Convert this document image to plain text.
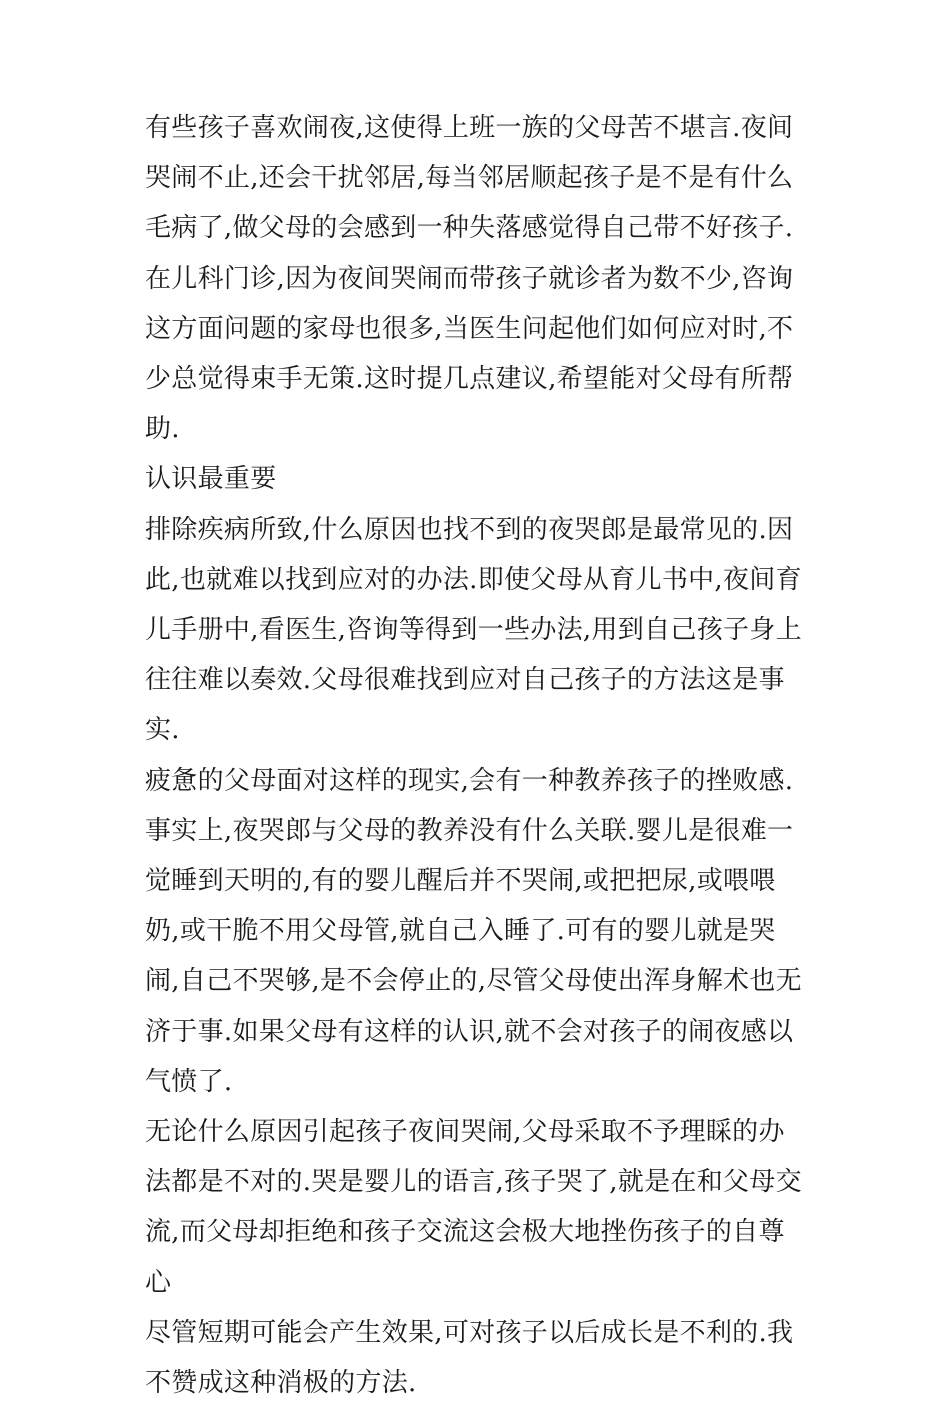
有些孩子喜欢闹夜,这使得上班一族的父母苦不堪言.夜间哭闹不止,还会干扰邻居,每当邻居顺起孩子是不是有什么毛病了,做父母的会感到一种失落感觉得自己带不好孩子.

在儿科门诊,因为夜间哭闹而带孩子就诊者为数不少,咨询这方面问题的家母也很多,当医生问起他们如何应对时,不少总觉得束手无策.这时提几点建议,希望能对父母有所帮助.

认识最重要

排除疾病所致,什么原因也找不到的夜哭郎是最常见的.因此,也就难以找到应对的办法.即使父母从育儿书中,夜间育儿手册中,看医生,咨询等得到一些办法,用到自己孩子身上往往难以奏效.父母很难找到应对自己孩子的方法这是事实.

疲惫的父母面对这样的现实,会有一种教养孩子的挫败感.事实上,夜哭郎与父母的教养没有什么关联.婴儿是很难一觉睡到天明的,有的婴儿醒后并不哭闹,或把把尿,或喂喂奶,或干脆不用父母管,就自己入睡了.可有的婴儿就是哭闹,自己不哭够,是不会停止的,尽管父母使出浑身解术也无济于事.如果父母有这样的认识,就不会对孩子的闹夜感以气愤了.

无论什么原因引起孩子夜间哭闹,父母采取不予理睬的办法都是不对的.哭是婴儿的语言,孩子哭了,就是在和父母交流,而父母却拒绝和孩子交流这会极大地挫伤孩子的自尊心

尽管短期可能会产生效果,可对孩子以后成长是不利的.我不赞成这种消极的方法.
